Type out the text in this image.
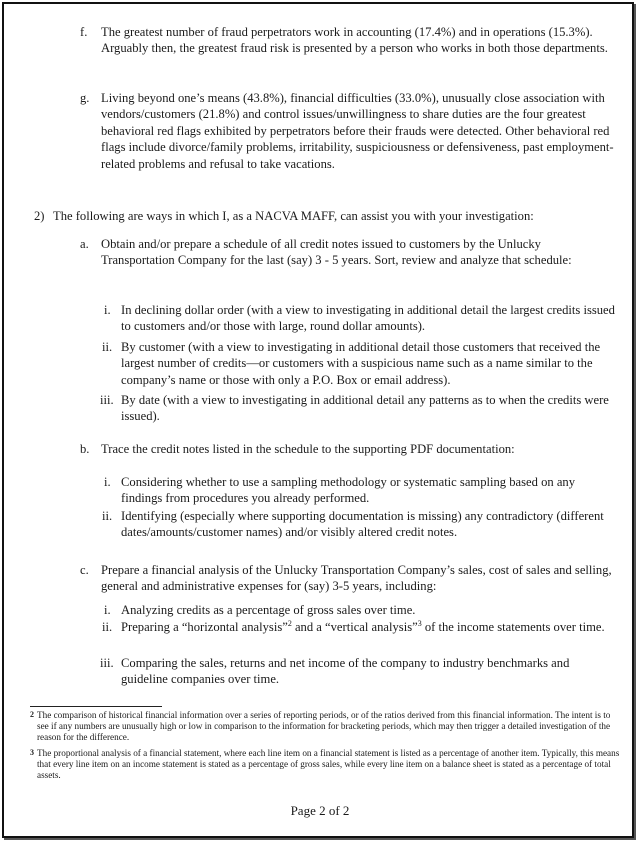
f. The greatest number of fraud perpetrators work in accounting (17.4%) and in operations (15.3%). Arguably then, the greatest fraud risk is presented by a person who works in both those departments.
g. Living beyond one’s means (43.8%), financial difficulties (33.0%), unusually close association with vendors/customers (21.8%) and control issues/unwillingness to share duties are the four greatest behavioral red flags exhibited by perpetrators before their frauds were detected. Other behavioral red flags include divorce/family problems, irritability, suspiciousness or defensiveness, past employment-related problems and refusal to take vacations.
2) The following are ways in which I, as a NACVA MAFF, can assist you with your investigation:
a. Obtain and/or prepare a schedule of all credit notes issued to customers by the Unlucky Transportation Company for the last (say) 3 - 5 years. Sort, review and analyze that schedule:
i. In declining dollar order (with a view to investigating in additional detail the largest credits issued to customers and/or those with large, round dollar amounts).
ii. By customer (with a view to investigating in additional detail those customers that received the largest number of credits—or customers with a suspicious name such as a name similar to the company’s name or those with only a P.O. Box or email address).
iii. By date (with a view to investigating in additional detail any patterns as to when the credits were issued).
b. Trace the credit notes listed in the schedule to the supporting PDF documentation:
i. Considering whether to use a sampling methodology or systematic sampling based on any findings from procedures you already performed.
ii. Identifying (especially where supporting documentation is missing) any contradictory (different dates/amounts/customer names) and/or visibly altered credit notes.
c. Prepare a financial analysis of the Unlucky Transportation Company’s sales, cost of sales and selling, general and administrative expenses for (say) 3-5 years, including:
i. Analyzing credits as a percentage of gross sales over time.
ii. Preparing a “horizontal analysis”$^2$ and a “vertical analysis”$^3$ of the income statements over time.
iii. Comparing the sales, returns and net income of the company to industry benchmarks and guideline companies over time.
2 The comparison of historical financial information over a series of reporting periods, or of the ratios derived from this financial information. The intent is to see if any numbers are unusually high or low in comparison to the information for bracketing periods, which may then trigger a detailed investigation of the reason for the difference.
3 The proportional analysis of a financial statement, where each line item on a financial statement is listed as a percentage of another item. Typically, this means that every line item on an income statement is stated as a percentage of gross sales, while every line item on a balance sheet is stated as a percentage of total assets.
Page 2 of 2
